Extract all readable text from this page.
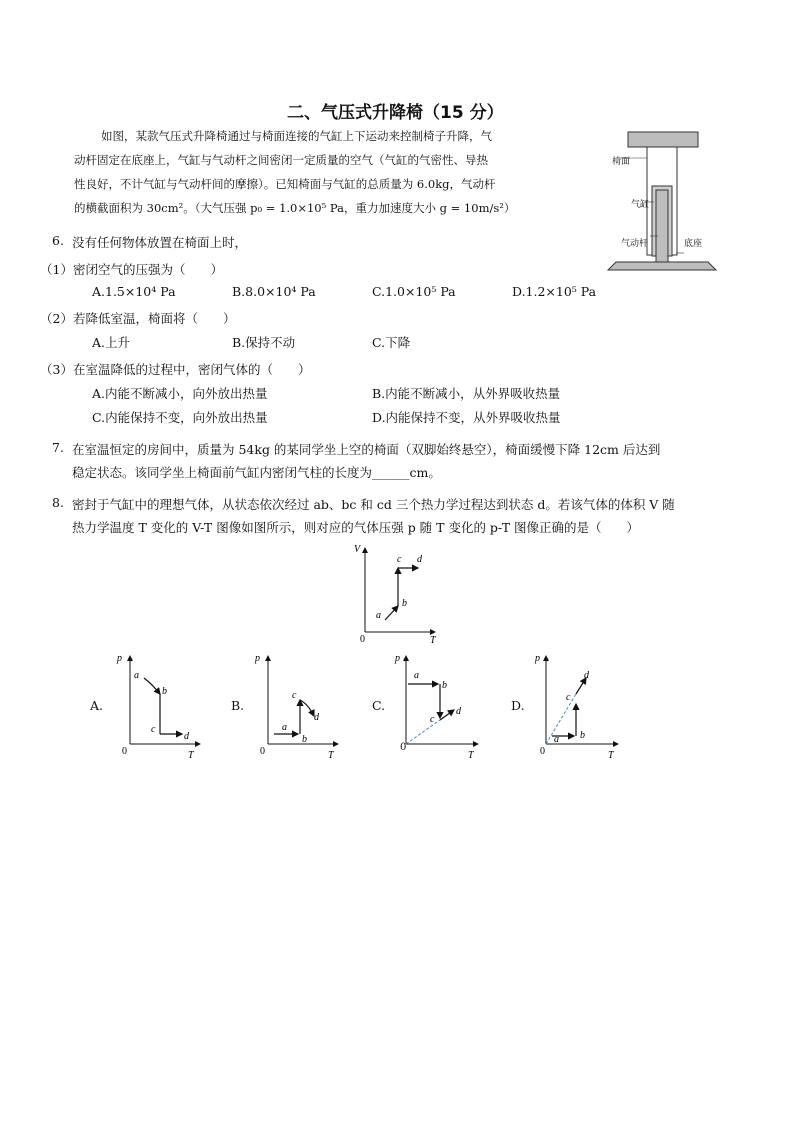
二、气压式升降椅（15 分）
如图，某款气压式升降椅通过与椅面连接的气缸上下运动来控制椅子升降，气
动杆固定在底座上，气缸与气动杆之间密闭一定质量的空气（气缸的气密性、导热
性良好，不计气缸与气动杆间的摩擦）。已知椅面与气缸的总质量为 6.0kg，气动杆
的横截面积为 30cm²。（大气压强 p₀ = 1.0×10⁵ Pa，重力加速度大小 g = 10m/s²）
椅面
气缸
气动杆	底座
6. 没有任何物体放置在椅面上时，
（1）密闭空气的压强为（　　）
A.1.5×10⁴ Pa	B.8.0×10⁴ Pa	C.1.0×10⁵ Pa	D.1.2×10⁵ Pa
（2）若降低室温，椅面将（　　）
A.上升	B.保持不动	C.下降
（3）在室温降低的过程中，密闭气体的（　　）
A.内能不断减小，向外放出热量	B.内能不断减小，从外界吸收热量
C.内能保持不变，向外放出热量	D.内能保持不变，从外界吸收热量
7. 在室温恒定的房间中，质量为 54kg 的某同学坐上空的椅面（双脚始终悬空），椅面缓慢下降 12cm 后达到
稳定状态。该同学坐上椅面前气缸内密闭气柱的长度为______cm。
8. 密封于气缸中的理想气体，从状态依次经过 ab、bc 和 cd 三个热力学过程达到状态 d。若该气体的体积 V 随
热力学温度 T 变化的 V-T 图像如图所示，则对应的气体压强 p 随 T 变化的 p-T 图像正确的是（　　）
V
T
0
a
b
c d
A.	B.	C.	D.
p
T
0
a
b
c
d
p
T
0
a
b
c
d
p
T
a
b
c
d
p
T
0
a b
c
d
0
